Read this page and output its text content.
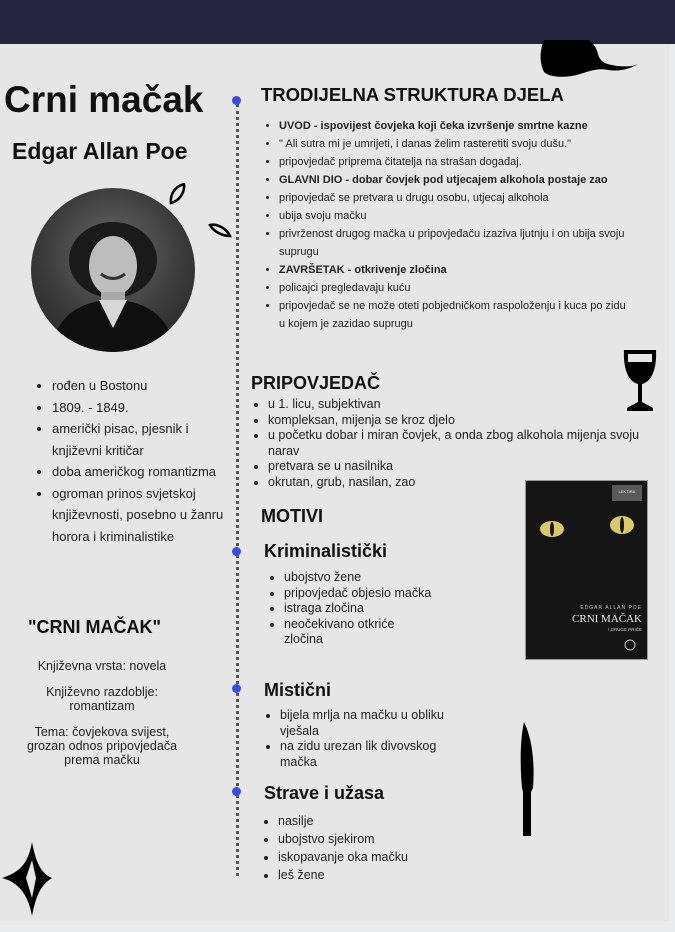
Crni mačak
Edgar Allan Poe
• rođen u Bostonu
• 1809. - 1849.
• američki pisac, pjesnik i književni kritičar
• doba američkog romantizma
• ogroman prinos svjetskoj književnosti, posebno u žanru horora i kriminalistike
"CRNI MAČAK"
Književna vrsta: novela
Književno razdoblje: romantizam
Tema: čovjekova svijest, grozan odnos pripovjedača prema mačku
TRODIJELNA STRUKTURA DJELA
• UVOD - ispovijest čovjeka koji čeka izvršenje smrtne kazne
• " Ali sutra mi je umrijeti, i danas želim rasteretiti svoju dušu."
• pripovjedač priprema čitatelja na strašan događaj.
• GLAVNI DIO - dobar čovjek pod utjecajem alkohola postaje zao
• pripovjedač se pretvara u drugu osobu, utjecaj alkohola
• ubija svoju mačku
• privrženost drugog mačka u pripovjeđaču izaziva ljutnju i on ubija svoju suprugu
• ZAVRŠETAK - otkrivenje zločina
• policajci pregledavaju kuću
• pripovjedač se ne može oteti pobjedničkom raspoloženju i kuca po zidu u kojem je zazidao suprugu
PRIPOVJEDAČ
• u 1. licu, subjektivan
• kompleksan, mijenja se kroz djelo
• u početku dobar i miran čovjek, a onda zbog alkohola mijenja svoju narav
• pretvara se u nasilnika
• okrutan, grub, nasilan, zao
MOTIVI
Kriminalistički
• ubojstvo žene
• pripovjedač objesio mačka
• istraga zločina
• neočekivano otkriće zločina
Mistični
• bijela mrlja na mačku u obliku vješala
• na zidu urezan lik divovskog mačka
Strave i užasa
• nasilje
• ubojstvo sjekirom
• iskopavanje oka mačku
• leš žene
LEKTIRA
EDGAR ALLAN POE
CRNI MAČAK
I DRUGE PRIČE
